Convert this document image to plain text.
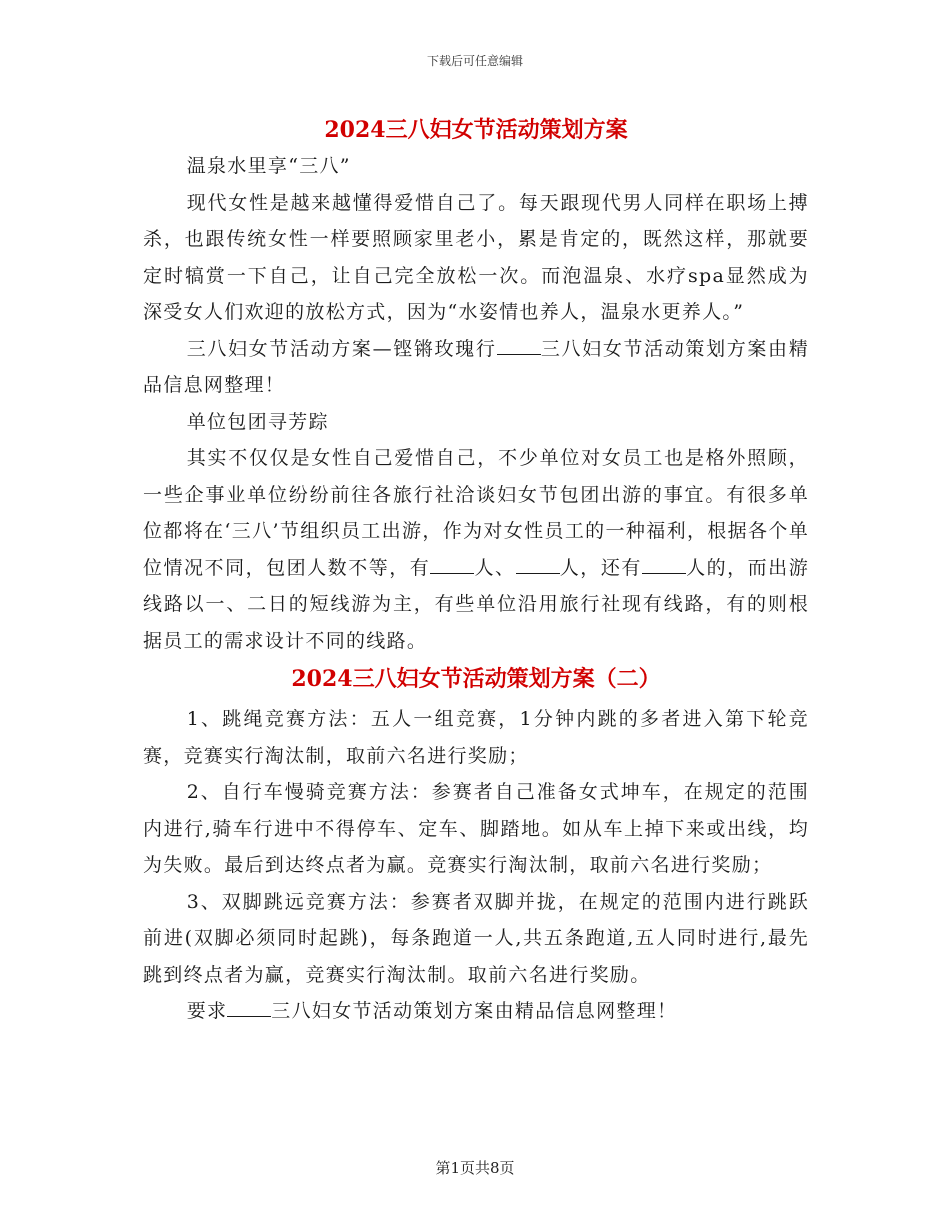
下载后可任意编辑
2024三八妇女节活动策划方案

温泉水里享“三八”

现代女性是越来越懂得爱惜自己了。每天跟现代男人同样在职场上搏杀，也跟传统女性一样要照顾家里老小，累是肯定的，既然这样，那就要定时犒赏一下自己，让自己完全放松一次。而泡温泉、水疗spa显然成为深受女人们欢迎的放松方式，因为“水姿情也养人，温泉水更养人。”

三八妇女节活动方案—铿锵玫瑰行 三八妇女节活动策划方案由精品信息网整理！

单位包团寻芳踪

其实不仅仅是女性自己爱惜自己，不少单位对女员工也是格外照顾，一些企事业单位纷纷前往各旅行社洽谈妇女节包团出游的事宜。有很多单位都将在‘三八’节组织员工出游，作为对女性员工的一种福利，根据各个单位情况不同，包团人数不等，有 人、 人，还有 人的，而出游线路以一、二日的短线游为主，有些单位沿用旅行社现有线路，有的则根据员工的需求设计不同的线路。

2024三八妇女节活动策划方案（二）

1、跳绳竞赛方法：五人一组竞赛，1分钟内跳的多者进入第下轮竞赛，竞赛实行淘汰制，取前六名进行奖励；

2、自行车慢骑竞赛方法：参赛者自己准备女式坤车，在规定的范围内进行,骑车行进中不得停车、定车、脚踏地。如从车上掉下来或出线，均为失败。最后到达终点者为赢。竞赛实行淘汰制，取前六名进行奖励；

3、双脚跳远竞赛方法：参赛者双脚并拢，在规定的范围内进行跳跃前进(双脚必须同时起跳)，每条跑道一人,共五条跑道,五人同时进行,最先跳到终点者为赢，竞赛实行淘汰制。取前六名进行奖励。

要求 三八妇女节活动策划方案由精品信息网整理！

第1页共8页
